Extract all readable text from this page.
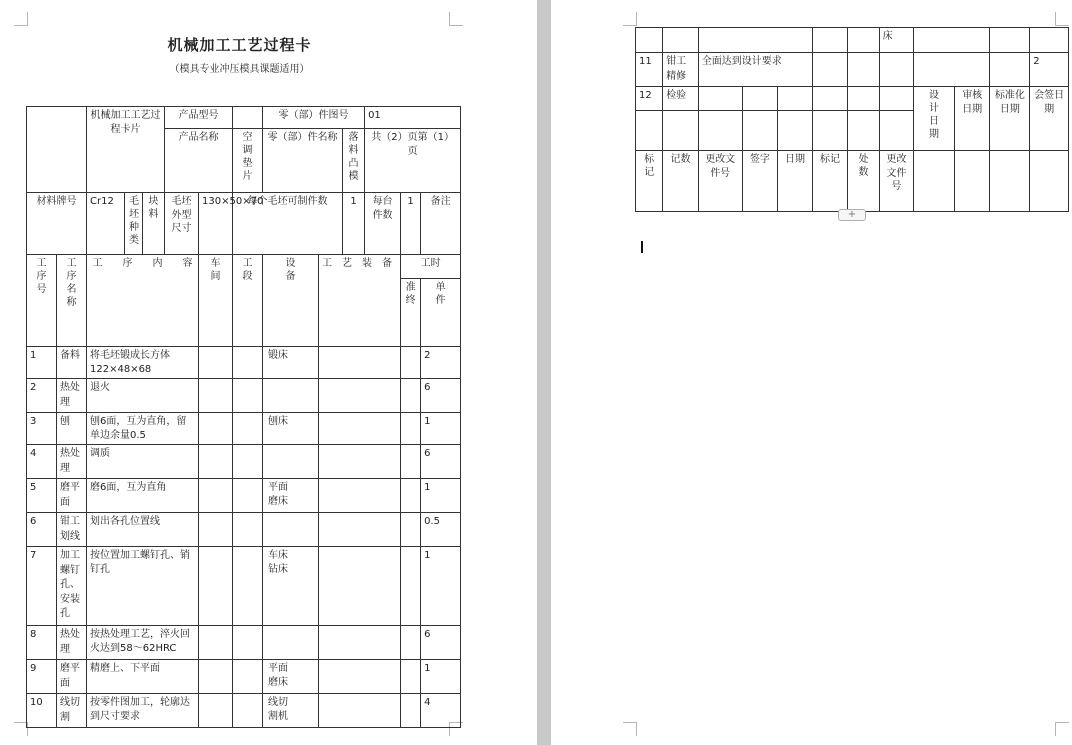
机械加工工艺过程卡
（模具专业冲压模具课题适用）
		机械加工工艺过程卡片			产品型号			零（部）件图号			01		
					产品名称		空调垫片	零（部）件名称		落料凸模	共（2）页第（1）页		
材料牌号		Cr12	毛坯种类	块料	毛坯外型尺寸	130×50×70	每个毛坯可制件数			1	每台件数	1	备注
工序号	工序名称	工　　序　　内　　容				车间	工段	设备	工　艺　装　备			工时	
												准终	单件
1	备料	将毛坯锻成长方体122×48×68						锻床					2
2	热处理	退火											6
3	刨	刨6面，互为直角，留单边余量0.5						刨床					1
4	热处理	调质											6
5	磨平面	磨6面，互为直角						平面磨床					1
6	钳工划线	划出各孔位置线											0.5
7	加工螺钉孔、安装孔	按位置加工螺钉孔、销钉孔						车床钻床					1
8	热处理	按热处理工艺，淬火回火达到58～62HRC											6
9	磨平面	精磨上、下平面						平面磨床					1
10	线切割	按零件图加工，轮廓达到尺寸要求						线切割机					4
							床				
11	钳工精修	全面达到设计要求									2
12	检验							设计日期	审核日期	标准化日期	会签日期

标记	记数	更改文件号	签字	日期	标记	处数	更改文件号				
+
